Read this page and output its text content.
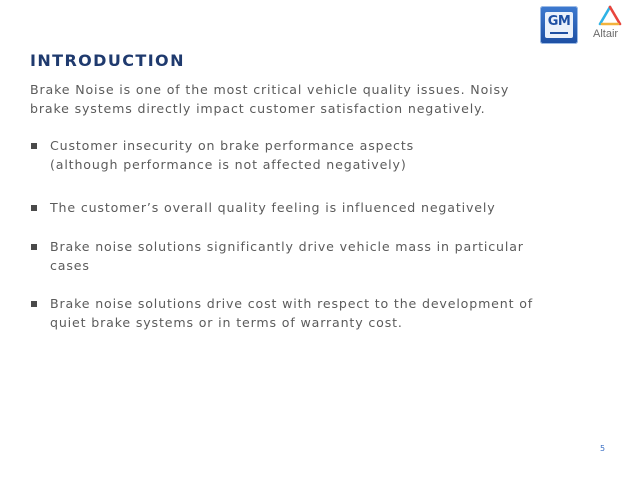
GM
Altair
INTRODUCTION
Brake Noise is one of the most critical vehicle quality issues. Noisy
brake systems directly impact customer satisfaction negatively.
Customer insecurity on brake performance aspects
(although performance is not affected negatively)
The customer’s overall quality feeling is influenced negatively
Brake noise solutions significantly drive vehicle mass in particular
cases
Brake noise solutions drive cost with respect to the development of
quiet brake systems or in terms of warranty cost.
5
